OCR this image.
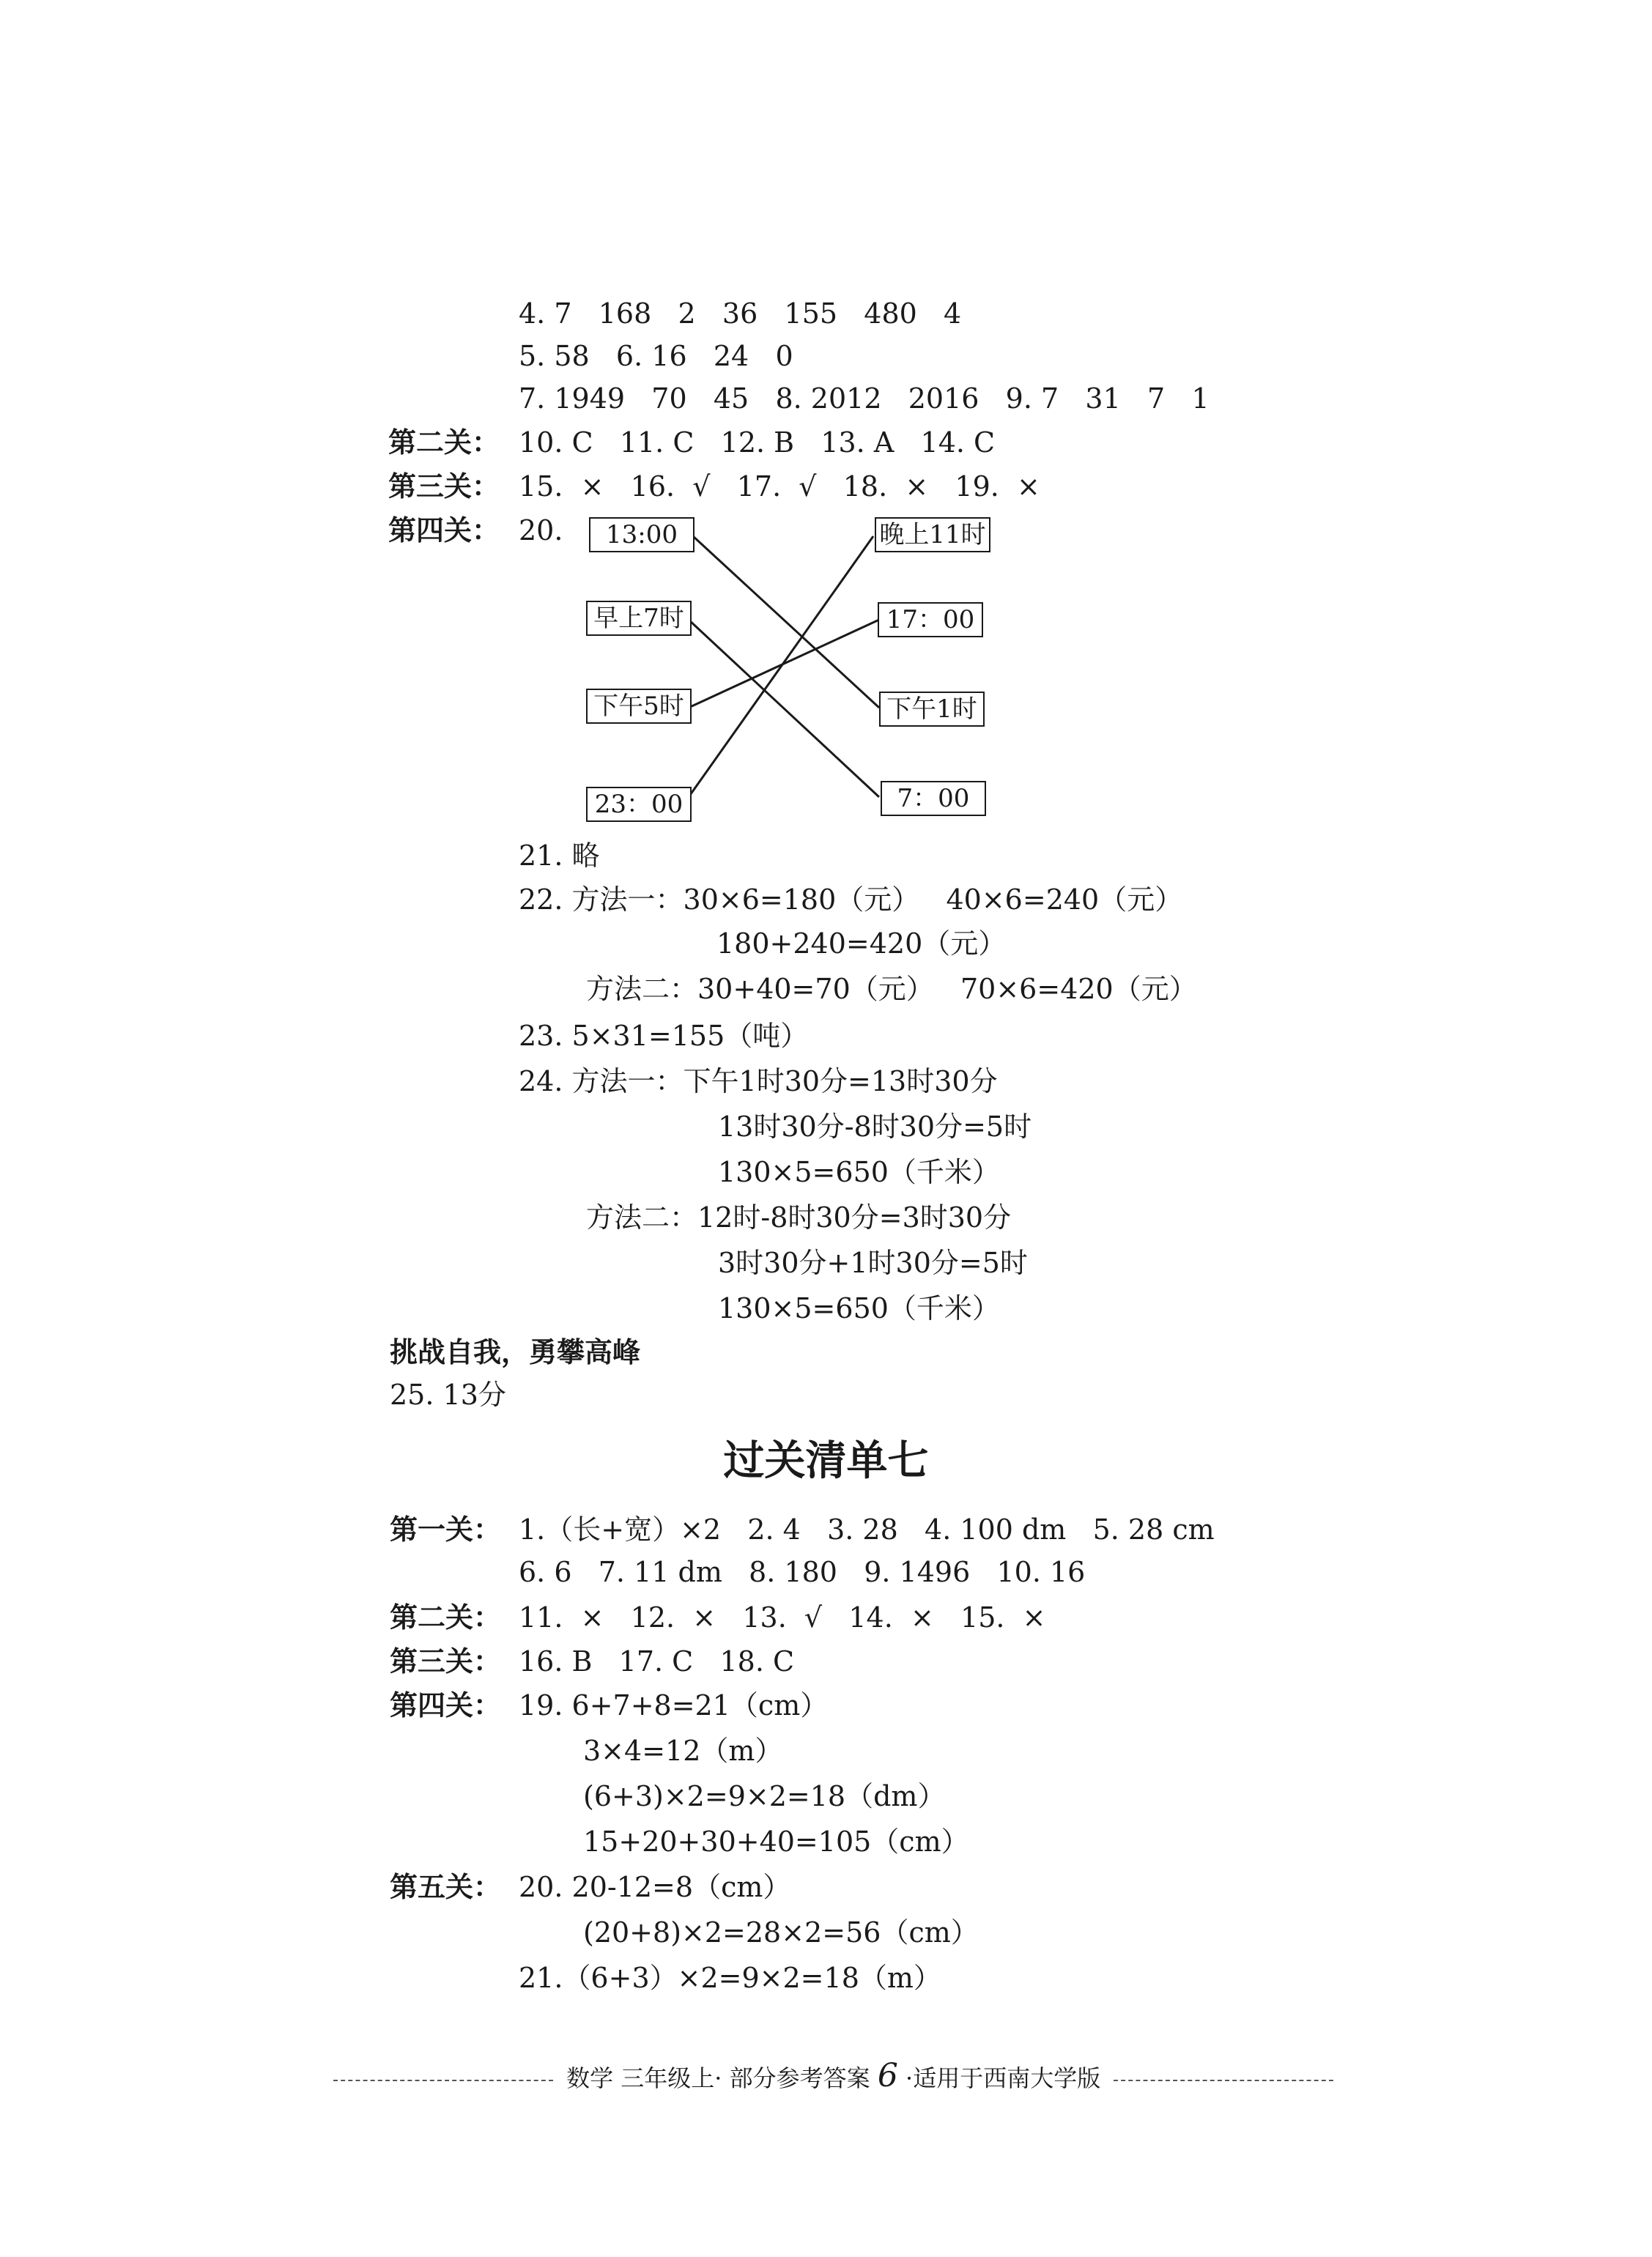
4. 7   168   2   36   155   480   4
5. 58   6. 16   24   0
7. 1949   70   45   8. 2012   2016   9. 7   31   7   1
第二关： 10. C   11. C   12. B   13. A   14. C
第三关： 15.  ×   16.  √   17.  √   18.  ×   19.  ×
第四关： 20.	13:00
早上7时
下午5时
23：00
晚上11时
17：00
下午1时
7：00
21. 略
22. 方法一：30×6=180（元）   40×6=240（元）
180+240=420（元）
方法二：30+40=70（元）   70×6=420（元）
23. 5×31=155（吨）
24. 方法一：下午1时30分=13时30分
13时30分-8时30分=5时
130×5=650（千米）
方法二：12时-8时30分=3时30分
3时30分+1时30分=5时
130×5=650（千米）
挑战自我，勇攀高峰
25. 13分
过关清单七
第一关： 1.（长+宽）×2   2. 4   3. 28   4. 100 dm   5. 28 cm
6. 6   7. 11 dm   8. 180   9. 1496   10. 16
第二关： 11.  ×   12.  ×   13.  √   14.  ×   15.  ×
第三关： 16. B   17. C   18. C
第四关： 19. 6+7+8=21（cm）
3×4=12（m）
(6+3)×2=9×2=18（dm）
15+20+30+40=105（cm）
第五关： 20. 20-12=8（cm）
(20+8)×2=28×2=56（cm）
21.（6+3）×2=9×2=18（m）

数学 三年级上· 部分参考答案 6 ·适用于西南大学版
